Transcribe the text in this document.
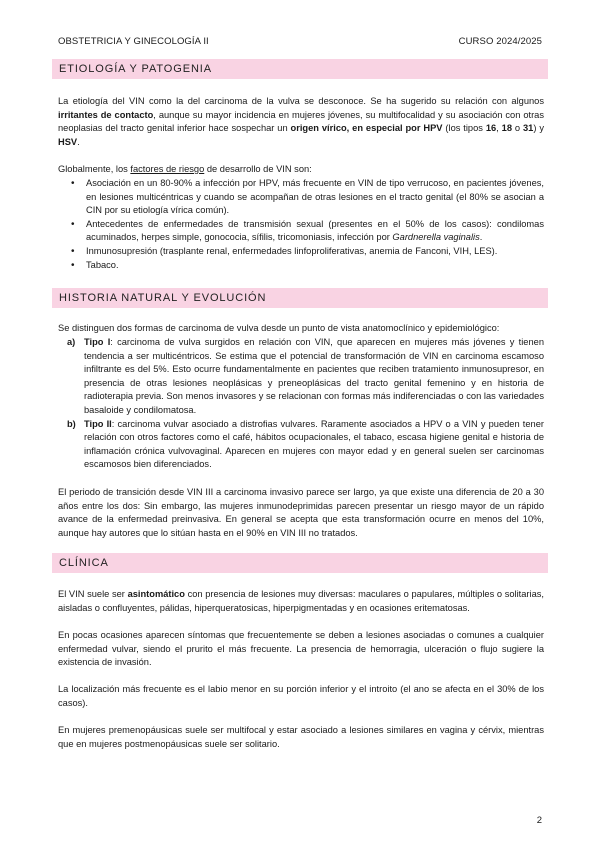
OBSTETRICIA Y GINECOLOGÍA II	CURSO 2024/2025
ETIOLOGÍA Y PATOGENIA

La etiología del VIN como la del carcinoma de la vulva se desconoce. Se ha sugerido su relación con algunos irritantes de contacto, aunque su mayor incidencia en mujeres jóvenes, su multifocalidad y su asociación con otras neoplasias del tracto genital inferior hace sospechar un origen vírico, en especial por HPV (los tipos 16, 18 o 31) y HSV.

Globalmente, los factores de riesgo de desarrollo de VIN son:

• Asociación en un 80-90% a infección por HPV, más frecuente en VIN de tipo verrucoso, en pacientes jóvenes, en lesiones multicéntricas y cuando se acompañan de otras lesiones en el tracto genital (el 80% se asocian a CIN por su etiología vírica común).
• Antecedentes de enfermedades de transmisión sexual (presentes en el 50% de los casos): condilomas acuminados, herpes simple, gonococia, sífilis, tricomoniasis, infección por Gardnerella vaginalis.
• Inmunosupresión (trasplante renal, enfermedades linfoproliferativas, anemia de Fanconi, VIH, LES).
• Tabaco.
HISTORIA NATURAL Y EVOLUCIÓN

Se distinguen dos formas de carcinoma de vulva desde un punto de vista anatomoclínico y epidemiológico:

a) Tipo I: carcinoma de vulva surgidos en relación con VIN, que aparecen en mujeres más jóvenes y tienen tendencia a ser multicéntricos. Se estima que el potencial de transformación de VIN en carcinoma escamoso infiltrante es del 5%. Esto ocurre fundamentalmente en pacientes que reciben tratamiento inmunosupresor, en presencia de otras lesiones neoplásicas y preneoplásicas del tracto genital femenino y en historia de radioterapia previa. Son menos invasores y se relacionan con formas más indiferenciadas o con las variedades basaloide y condilomatosa.
b) Tipo II: carcinoma vulvar asociado a distrofias vulvares. Raramente asociados a HPV o a VIN y pueden tener relación con otros factores como el café, hábitos ocupacionales, el tabaco, escasa higiene genital e historia de inflamación crónica vulvovaginal. Aparecen en mujeres con mayor edad y en general suelen ser carcinomas escamosos bien diferenciados.

El periodo de transición desde VIN III a carcinoma invasivo parece ser largo, ya que existe una diferencia de 20 a 30 años entre los dos: Sin embargo, las mujeres inmunodeprimidas parecen presentar un riesgo mayor de un rápido avance de la enfermedad preinvasiva. En general se acepta que esta transformación ocurre en menos del 10%, aunque hay autores que lo sitúan hasta en el 90% en VIN III no tratados.

CLÍNICA

El VIN suele ser asintomático con presencia de lesiones muy diversas: maculares o papulares, múltiples o solitarias, aisladas o confluyentes, pálidas, hiperqueratosicas, hiperpigmentadas y en ocasiones eritematosas.

En pocas ocasiones aparecen síntomas que frecuentemente se deben a lesiones asociadas o comunes a cualquier enfermedad vulvar, siendo el prurito el más frecuente. La presencia de hemorragia, ulceración o flujo sugiere la existencia de invasión.

La localización más frecuente es el labio menor en su porción inferior y el introito (el ano se afecta en el 30% de los casos).

En mujeres premenopáusicas suele ser multifocal y estar asociado a lesiones similares en vagina y cérvix, mientras que en mujeres postmenopáusicas suele ser solitario.

2
